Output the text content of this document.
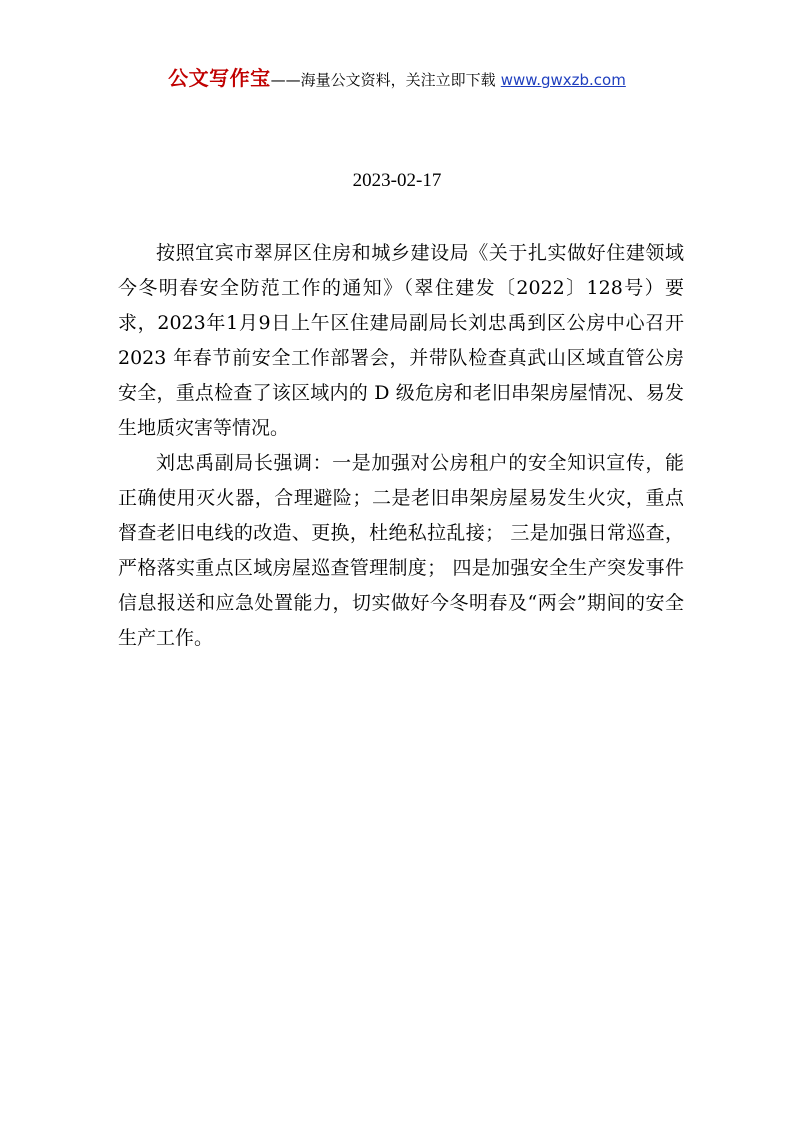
公文写作宝——海量公文资料，关注立即下载 www.gwxzb.com
2023-02-17

按照宜宾市翠屏区住房和城乡建设局《关于扎实做好住建领域今冬明春安全防范工作的通知》（翠住建发〔2022〕128号）要求，2023年1月9日上午区住建局副局长刘忠禹到区公房中心召开 2023 年春节前安全工作部署会，并带队检查真武山区域直管公房安全，重点检查了该区域内的 D 级危房和老旧串架房屋情况、易发生地质灾害等情况。

刘忠禹副局长强调：一是加强对公房租户的安全知识宣传，能正确使用灭火器，合理避险；二是老旧串架房屋易发生火灾，重点督查老旧电线的改造、更换，杜绝私拉乱接； 三是加强日常巡查，严格落实重点区域房屋巡查管理制度； 四是加强安全生产突发事件信息报送和应急处置能力，切实做好今冬明春及“两会”期间的安全生产工作。
